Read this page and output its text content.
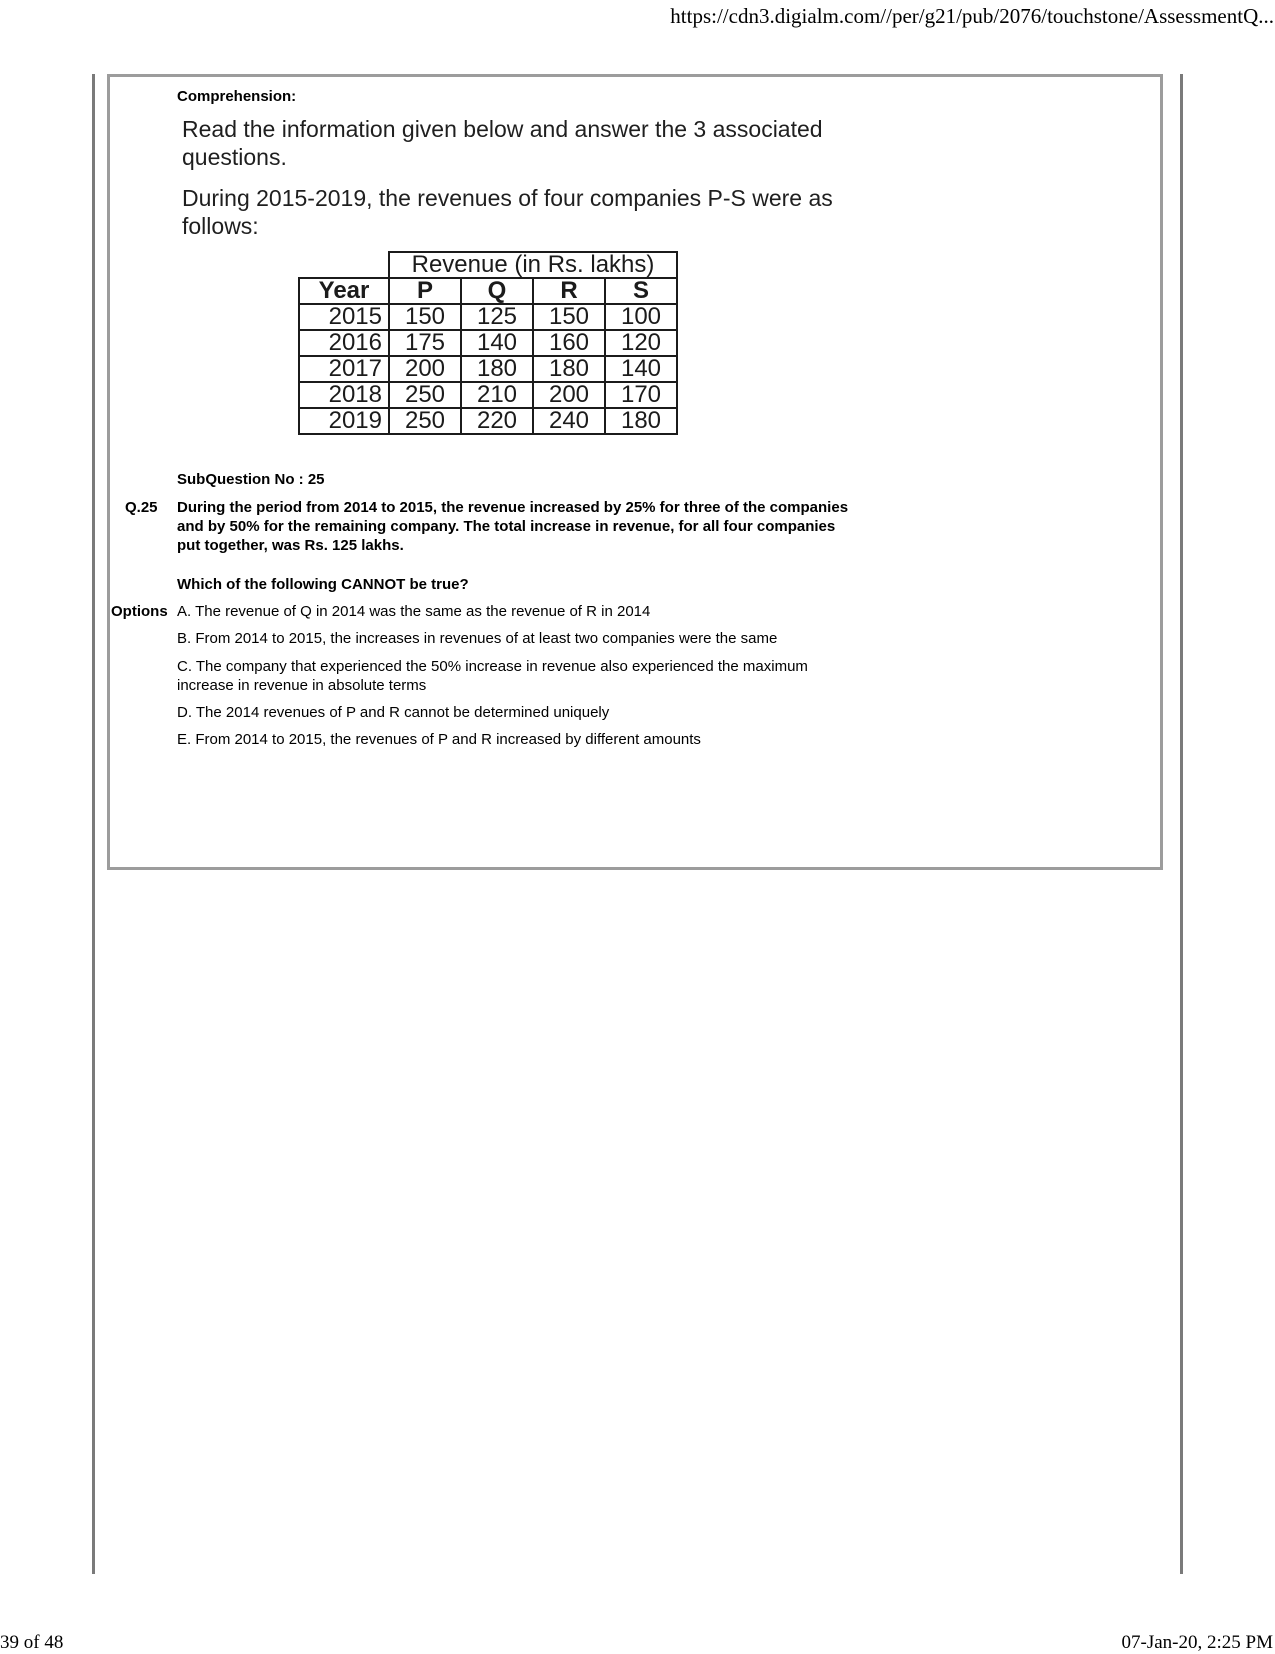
https://cdn3.digialm.com//per/g21/pub/2076/touchstone/AssessmentQ...
Comprehension:
Read the information given below and answer the 3 associated questions.
During 2015-2019, the revenues of four companies P-S were as follows:
	Revenue (in Rs. lakhs)			
Year	P	Q	R	S
2015	150	125	150	100
2016	175	140	160	120
2017	200	180	180	140
2018	250	210	200	170
2019	250	220	240	180
SubQuestion No : 25
Q.25 During the period from 2014 to 2015, the revenue increased by 25% for three of the companies and by 50% for the remaining company. The total increase in revenue, for all four companies put together, was Rs. 125 lakhs.
Which of the following CANNOT be true?
Options A. The revenue of Q in 2014 was the same as the revenue of R in 2014
B. From 2014 to 2015, the increases in revenues of at least two companies were the same
C. The company that experienced the 50% increase in revenue also experienced the maximum increase in revenue in absolute terms
D. The 2014 revenues of P and R cannot be determined uniquely
E. From 2014 to 2015, the revenues of P and R increased by different amounts
39 of 48	07-Jan-20, 2:25 PM
